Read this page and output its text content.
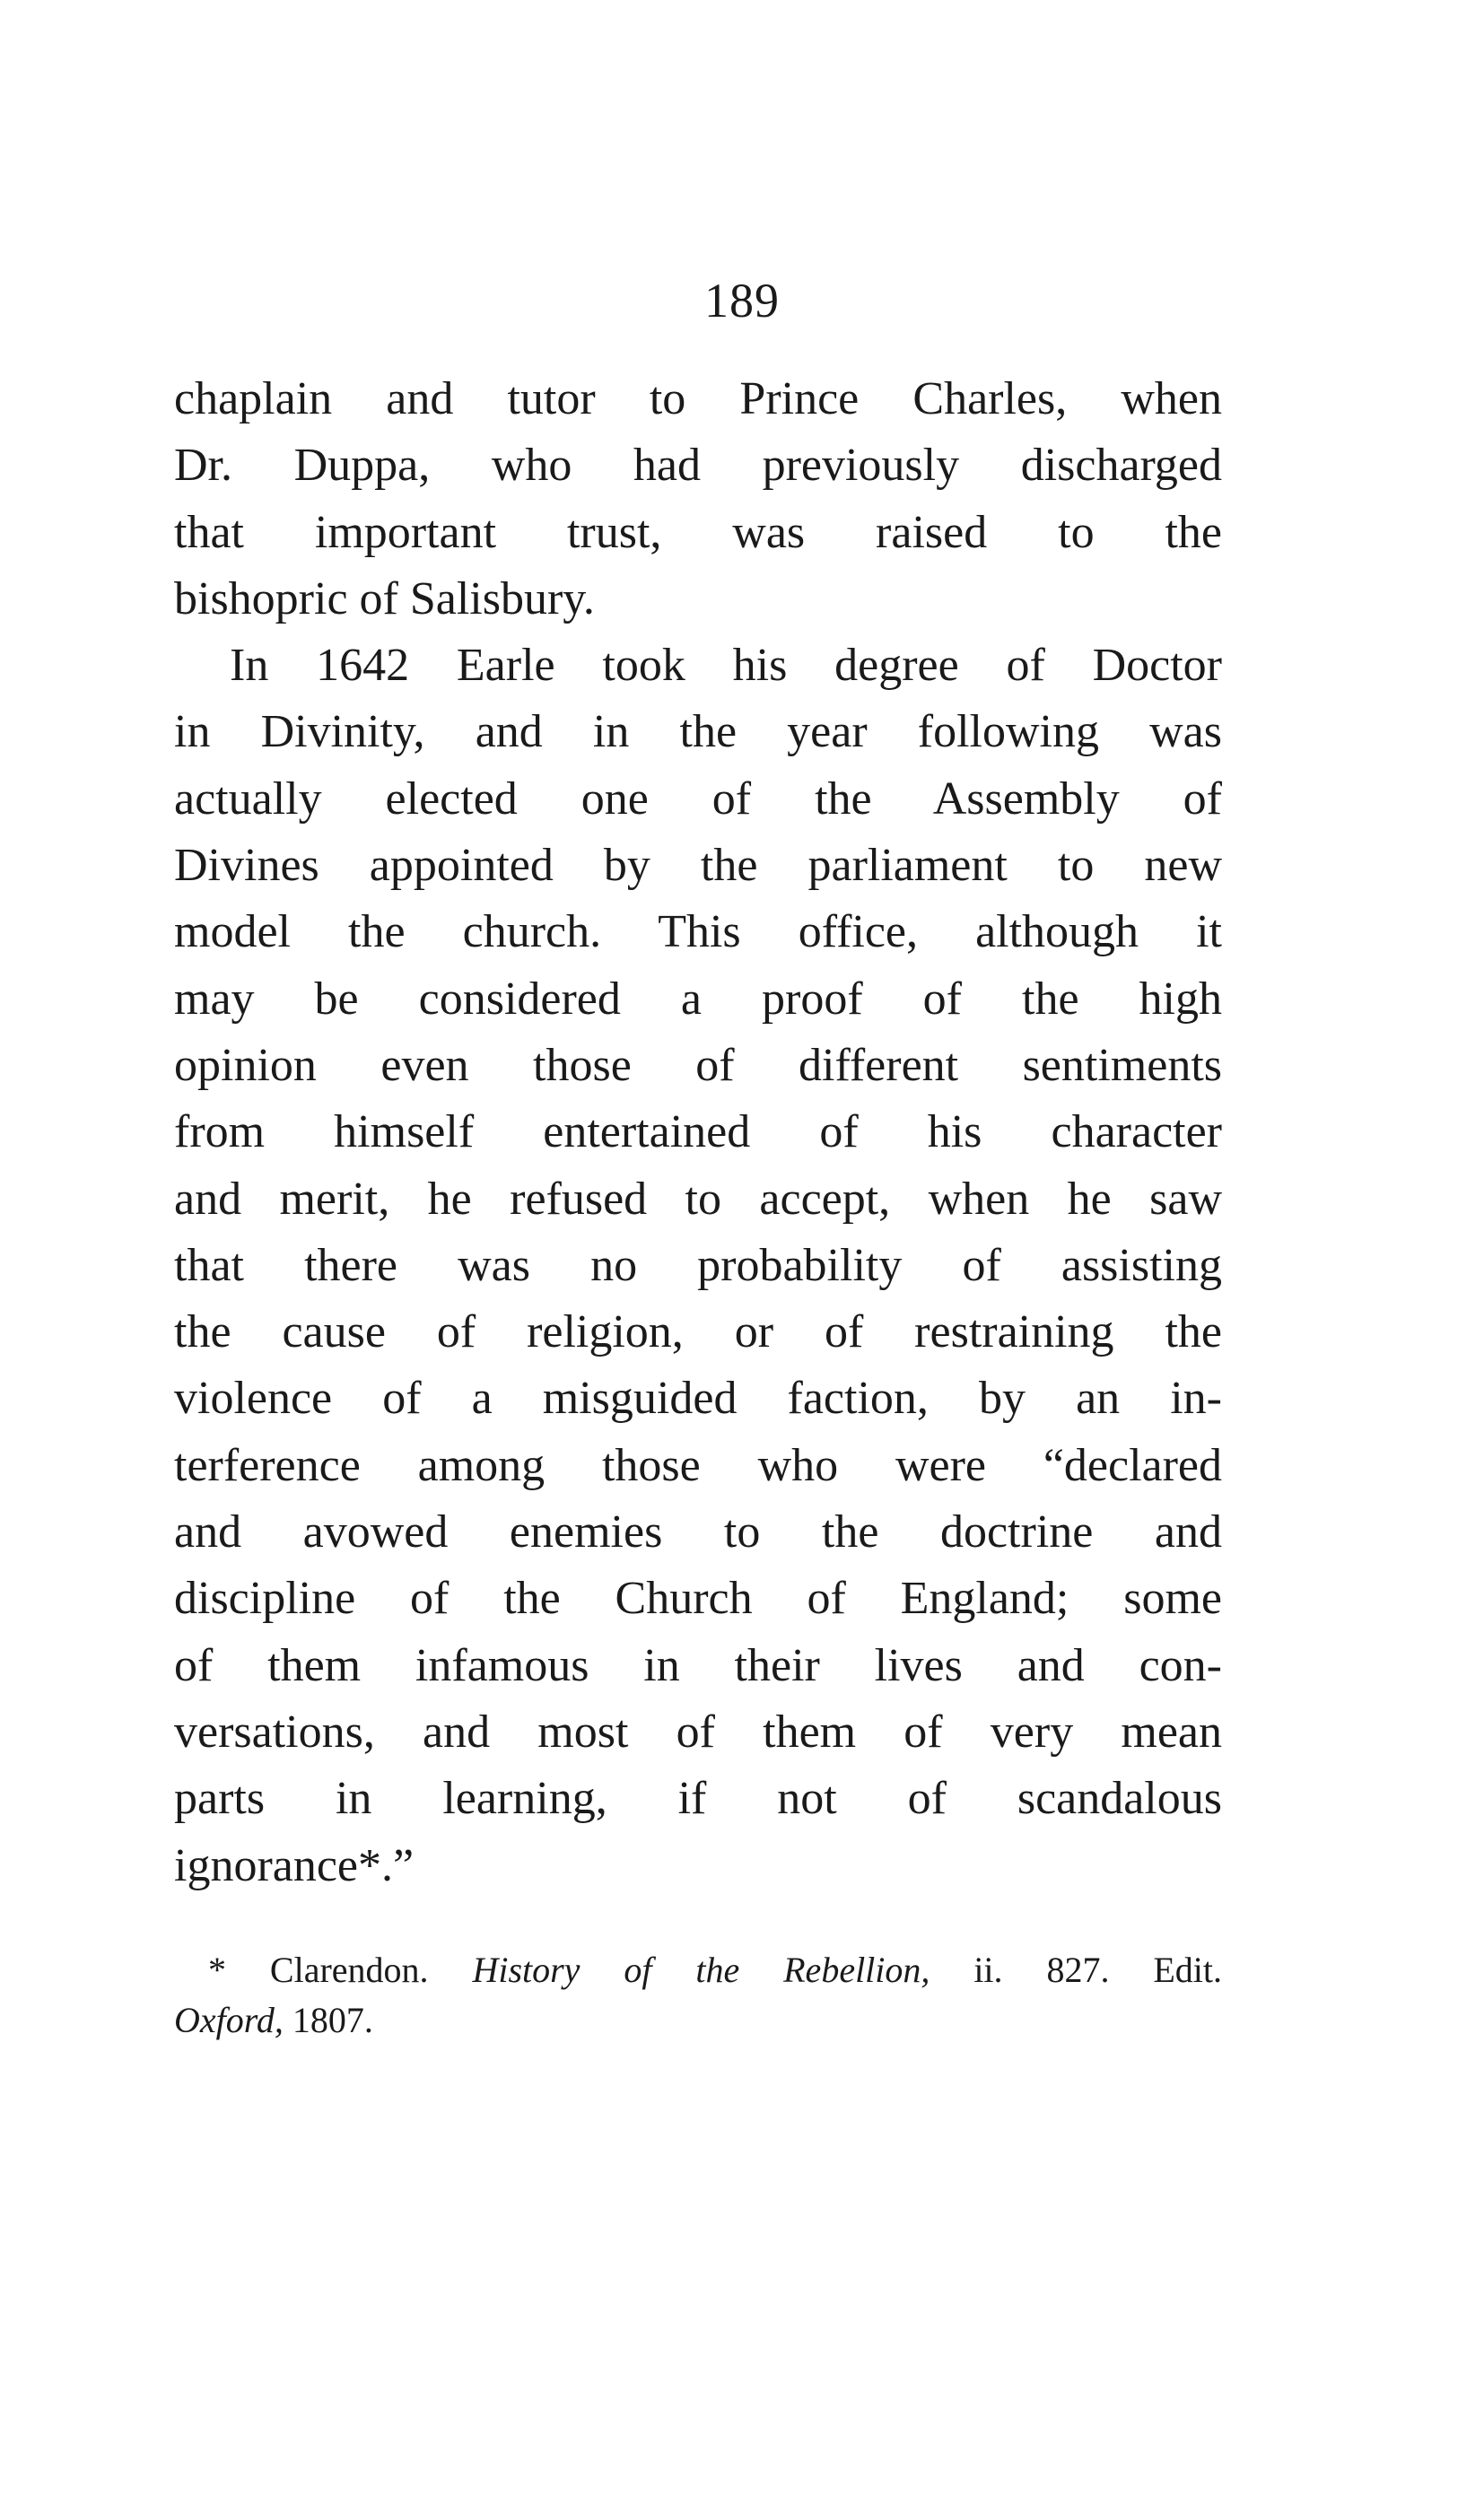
189
chaplain and tutor to Prince Charles, when
Dr. Duppa, who had previously discharged
that important trust, was raised to the
bishopric of Salisbury.
In 1642 Earle took his degree of Doctor
in Divinity, and in the year following was
actually elected one of the Assembly of
Divines appointed by the parliament to new
model the church. This office, although it
may be considered a proof of the high
opinion even those of different sentiments
from himself entertained of his character
and merit, he refused to accept, when he saw
that there was no probability of assisting
the cause of religion, or of restraining the
violence of a misguided faction, by an in-
terference among those who were “declared
and avowed enemies to the doctrine and
discipline of the Church of England; some
of them infamous in their lives and con-
versations, and most of them of very mean
parts in learning, if not of scandalous
ignorance*.”
* Clarendon. History of the Rebellion, ii. 827. Edit.
Oxford, 1807.
